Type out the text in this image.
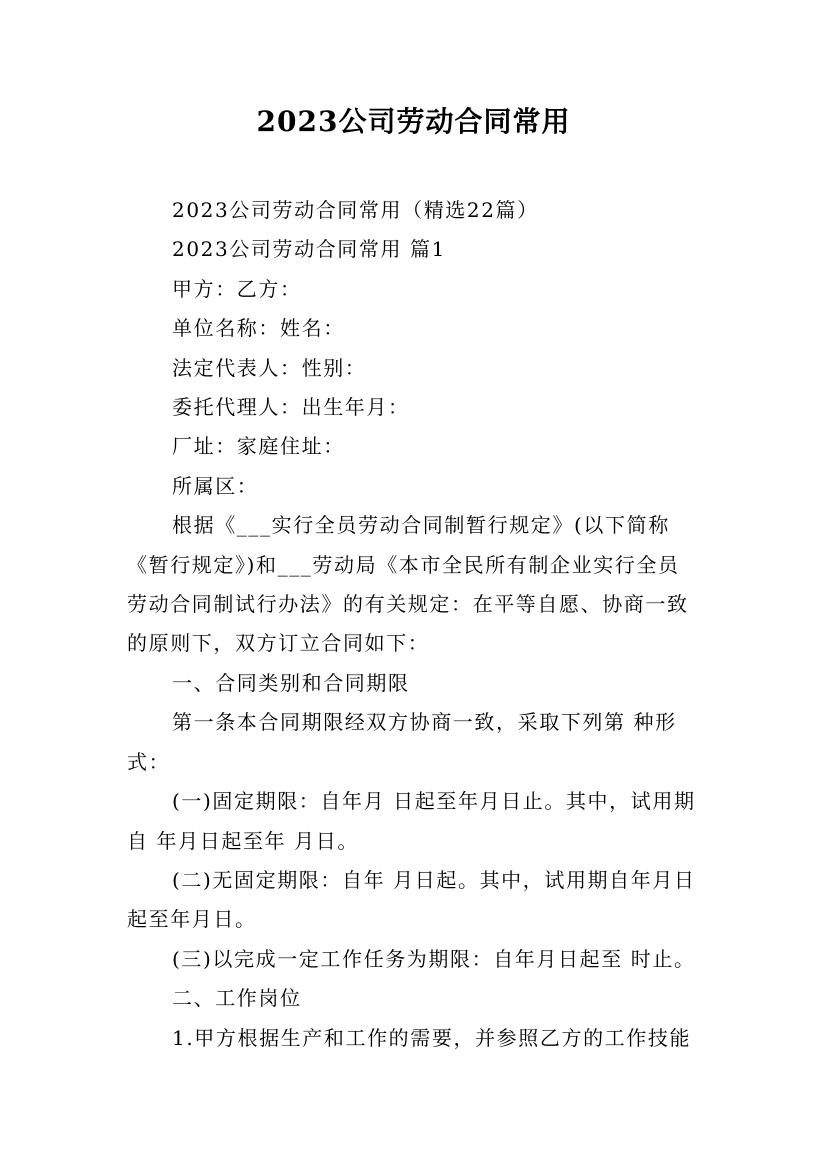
2023公司劳动合同常用

2023公司劳动合同常用（精选22篇）

2023公司劳动合同常用 篇1

甲方：乙方：

单位名称：姓名：

法定代表人：性别：

委托代理人：出生年月：

厂址：家庭住址：

所属区：

根据《___实行全员劳动合同制暂行规定》(以下简称《暂行规定》)和___劳动局《本市全民所有制企业实行全员劳动合同制试行办法》的有关规定：在平等自愿、协商一致的原则下，双方订立合同如下：

一、合同类别和合同期限

第一条本合同期限经双方协商一致，采取下列第 种形式：

(一)固定期限：自年月 日起至年月日止。其中，试用期自 年月日起至年 月日。

(二)无固定期限：自年 月日起。其中，试用期自年月日起至年月日。

(三)以完成一定工作任务为期限：自年月日起至 时止。

二、工作岗位

1.甲方根据生产和工作的需要，并参照乙方的工作技能
